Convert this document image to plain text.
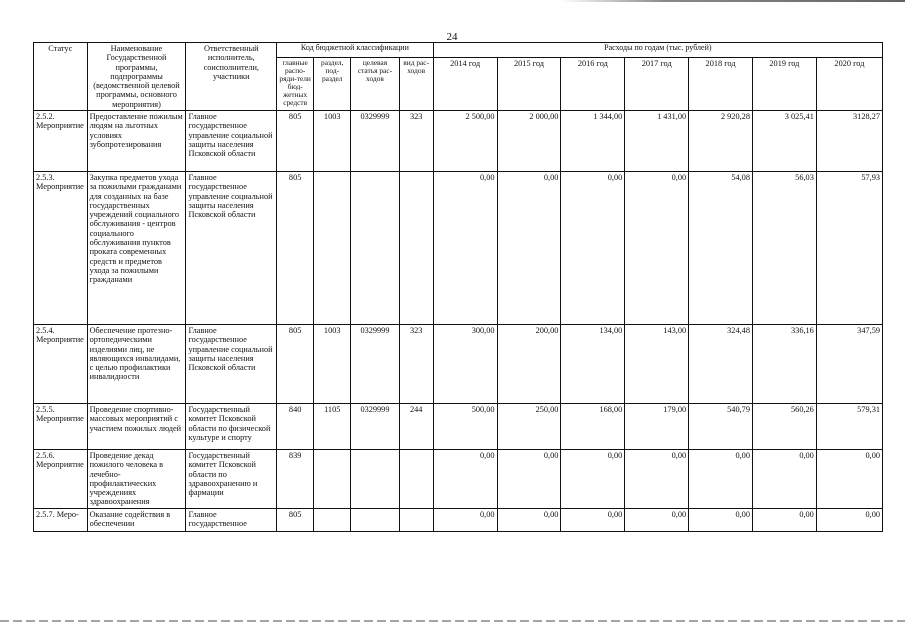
24
Статус	Наименование Государственной программы, подпрограммы (ведомственной целевой программы, основного мероприятия)	Ответственный исполнитель, соисполнители, участники	Код бюджетной классификации				Расходы по годам (тыс. рублей)						
			главные распо-ряди-тели бюд-жетных средств	раздел, под-раздел	целевая статья рас-ходов	вид рас-ходов	2014 год	2015 год	2016 год	2017 год	2018 год	2019 год	2020 год
2.5.2. Мероприятие	Предоставление пожилым людям на льготных условиях зубопротезирования	Главное государственное управление социальной защиты населения Псковской области	805	1003	0329999	323	2 500,00	2 000,00	1 344,00	1 431,00	2 920,28	3 025,41	3128,27
2.5.3. Мероприятие	Закупка предметов ухода за пожилыми гражданами для созданных на базе государственных учреждений социального обслуживания - центров социального обслуживания пунктов проката современных средств и предметов ухода за пожилыми гражданами	Главное государственное управление социальной защиты населения Псковской области	805				0,00	0,00	0,00	0,00	54,08	56,03	57,93
2.5.4. Мероприятие	Обеспечение протезно-ортопедическими изделиями лиц, не являющихся инвалидами, с целью профилактики инвалидности	Главное государственное управление социальной защиты населения Псковской области	805	1003	0329999	323	300,00	200,00	134,00	143,00	324,48	336,16	347,59
2.5.5. Мероприятие	Проведение спортивно-массовых мероприятий с участием пожилых людей	Государственный комитет Псковской области по физической культуре и спорту	840	1105	0329999	244	500,00	250,00	168,00	179,00	540,79	560,26	579,31
2.5.6. Мероприятие	Проведение декад пожилого человека в лечебно-профилактических учреждениях здравоохранения	Государственный комитет Псковской области по здравоохранению и фармации	839				0,00	0,00	0,00	0,00	0,00	0,00	0,00
2.5.7. Меро-	Оказание содействия в обеспечении	Главное государственное	805				0,00	0,00	0,00	0,00	0,00	0,00	0,00
